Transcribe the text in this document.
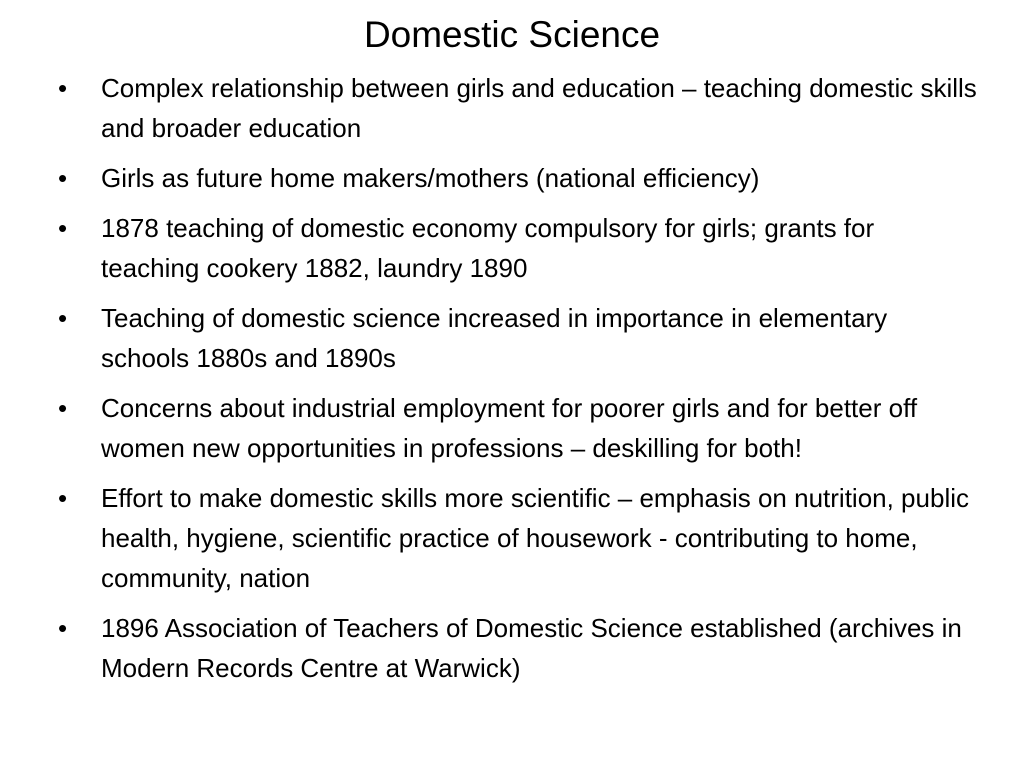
Domestic Science
•	Complex relationship between girls and education – teaching domestic skills and broader education
•	Girls as future home makers/mothers (national efficiency)
•	1878 teaching of domestic economy compulsory for girls; grants for teaching cookery 1882, laundry 1890
•	Teaching of domestic science increased in importance in elementary schools 1880s and 1890s
•	Concerns about industrial employment for poorer girls and for better off women new opportunities in professions – deskilling for both!
•	Effort to make domestic skills more scientific – emphasis on nutrition, public health, hygiene, scientific practice of housework - contributing to home, community, nation
•	1896 Association of Teachers of Domestic Science established (archives in Modern Records Centre at Warwick)
